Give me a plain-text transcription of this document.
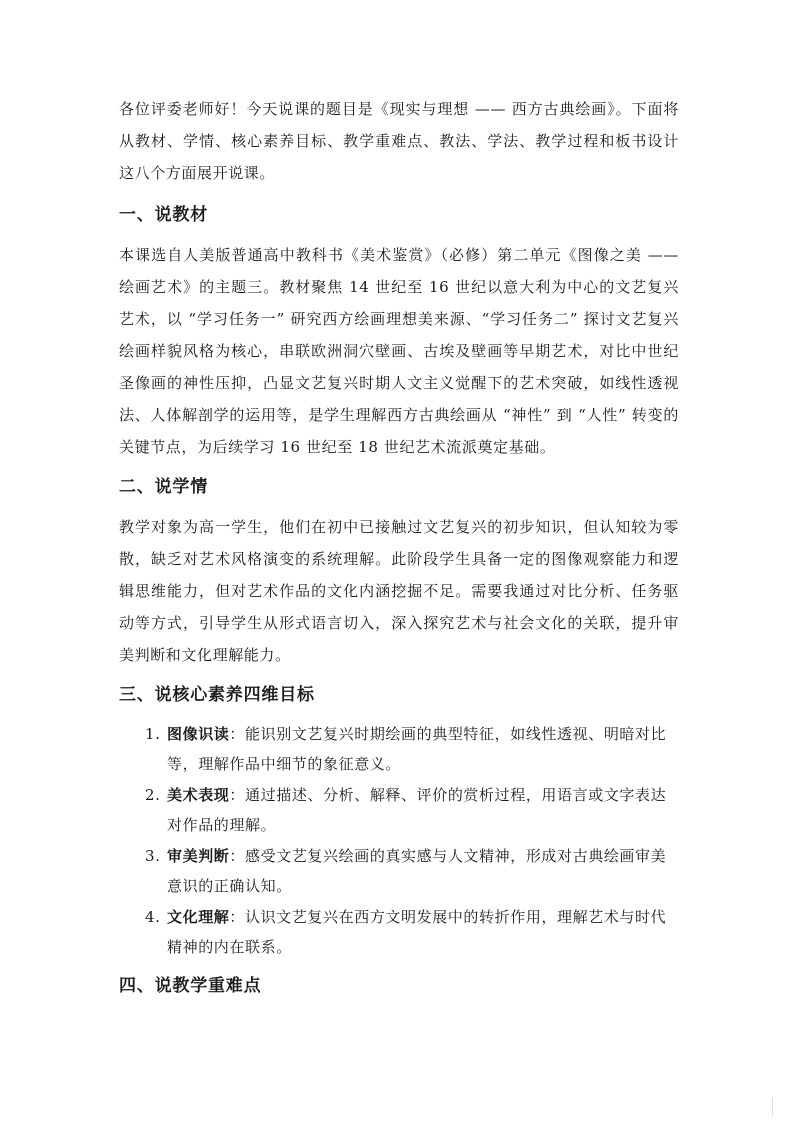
各位评委老师好！今天说课的题目是《现实与理想 —— 西方古典绘画》。下面将从教材、学情、核心素养目标、教学重难点、教法、学法、教学过程和板书设计这八个方面展开说课。

一、说教材

本课选自人美版普通高中教科书《美术鉴赏》（必修）第二单元《图像之美 —— 绘画艺术》的主题三。教材聚焦 14 世纪至 16 世纪以意大利为中心的文艺复兴艺术，以 “学习任务一” 研究西方绘画理想美来源、“学习任务二” 探讨文艺复兴绘画样貌风格为核心，串联欧洲洞穴壁画、古埃及壁画等早期艺术，对比中世纪圣像画的神性压抑，凸显文艺复兴时期人文主义觉醒下的艺术突破，如线性透视法、人体解剖学的运用等，是学生理解西方古典绘画从 “神性” 到 “人性” 转变的关键节点，为后续学习 16 世纪至 18 世纪艺术流派奠定基础。

二、说学情

教学对象为高一学生，他们在初中已接触过文艺复兴的初步知识，但认知较为零散，缺乏对艺术风格演变的系统理解。此阶段学生具备一定的图像观察能力和逻辑思维能力，但对艺术作品的文化内涵挖掘不足。需要我通过对比分析、任务驱动等方式，引导学生从形式语言切入，深入探究艺术与社会文化的关联，提升审美判断和文化理解能力。

三、说核心素养四维目标
1. 图像识读：能识别文艺复兴时期绘画的典型特征，如线性透视、明暗对比等，理解作品中细节的象征意义。
2. 美术表现：通过描述、分析、解释、评价的赏析过程，用语言或文字表达对作品的理解。
3. 审美判断：感受文艺复兴绘画的真实感与人文精神，形成对古典绘画审美意识的正确认知。
4. 文化理解：认识文艺复兴在西方文明发展中的转折作用，理解艺术与时代精神的内在联系。
四、说教学重难点
